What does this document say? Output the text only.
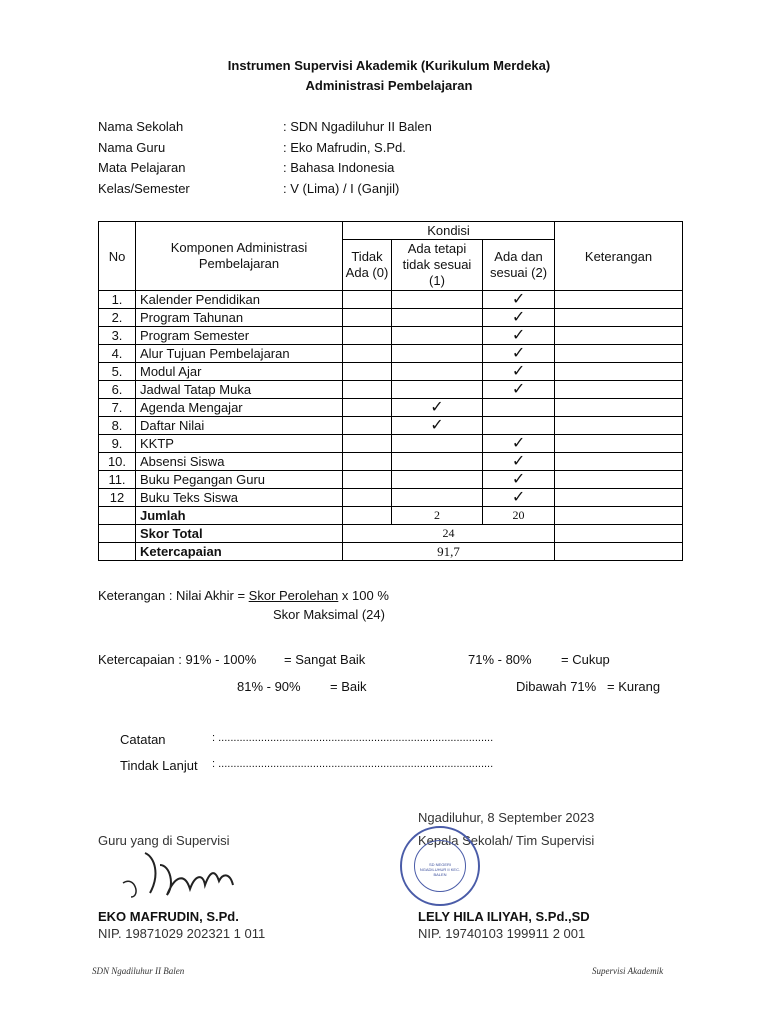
Instrumen Supervisi Akademik (Kurikulum Merdeka)
Administrasi Pembelajaran
Nama Sekolah	: SDN Ngadiluhur II Balen
Nama Guru	: Eko Mafrudin, S.Pd.
Mata Pelajaran	: Bahasa Indonesia
Kelas/Semester	: V (Lima) / I (Ganjil)
No	Komponen Administrasi Pembelajaran	Kondisi			Keterangan
		Tidak Ada (0)	Ada tetapi tidak sesuai (1)	Ada dan sesuai (2)	
1.	Kalender Pendidikan			✓	
2.	Program Tahunan			✓	
3.	Program Semester			✓	
4.	Alur Tujuan Pembelajaran			✓	
5.	Modul Ajar			✓	
6.	Jadwal Tatap Muka			✓	
7.	Agenda Mengajar		✓		
8.	Daftar Nilai		✓		
9.	KKTP			✓	
10.	Absensi Siswa			✓	
11.	Buku Pegangan Guru			✓	
12	Buku Teks Siswa			✓	
	Jumlah		2	20	
	Skor Total	24			
	Ketercapaian	91,7			
Keterangan : Nilai Akhir = Skor Perolehan x 100 %
Skor Maksimal (24)
Ketercapaian : 91% - 100% = Sangat Baik	71% - 80% = Cukup
81% - 90% = Baik	Dibawah 71% = Kurang
Catatan	: ..........................................................................................
Tindak Lanjut : ..........................................................................................
Ngadiluhur, 8 September 2023
Guru yang di Supervisi	Kepala Sekolah/ Tim Supervisi
SD NEGERI NGADILUHUR II KEC. BALEN
EKO MAFRUDIN, S.Pd.
NIP. 19871029 202321 1 011
LELY HILA ILIYAH, S.Pd.,SD
NIP. 19740103 199911 2 001
SDN Ngadiluhur II Balen	Supervisi Akademik
